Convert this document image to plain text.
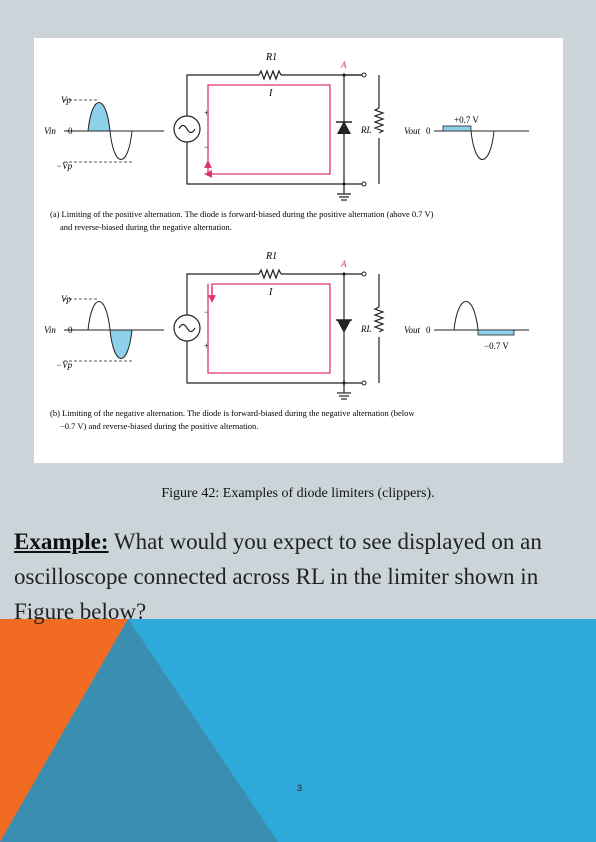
+
−
R1
A
I
RL
Vp
Vin 0
−Vp
Vout 0
+0.7 V
(a) Limiting of the positive alternation. The diode is forward-biased during the positive alternation (above 0.7 V)
and reverse-biased during the negative alternation.
−
+
R1
A
I
RL
Vp
Vin 0
−Vp
Vout 0
−0.7 V
(b) Limiting of the negative alternation. The diode is forward-biased during the negative alternation (below
−0.7 V) and reverse-biased during the positive alternation.
Figure 42: Examples of diode limiters (clippers).
Example: What would you expect to see displayed on an oscilloscope connected across RL in the limiter shown in Figure below?
3
